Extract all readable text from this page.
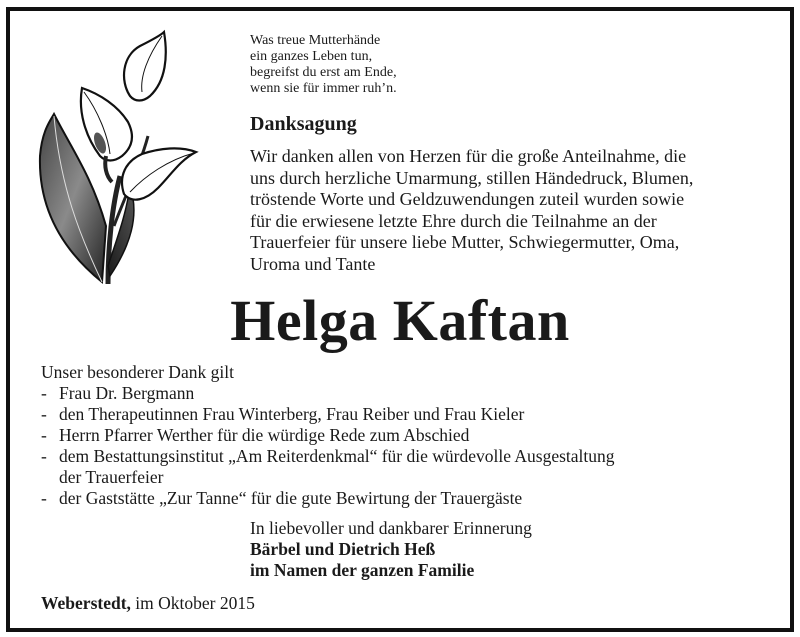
Was treue Mutterhände
ein ganzes Leben tun,
begreifst du erst am Ende,
wenn sie für immer ruh’n.
Danksagung
Wir danken allen von Herzen für die große Anteilnahme, die
uns durch herzliche Umarmung, stillen Händedruck, Blumen,
tröstende Worte und Geldzuwendungen zuteil wurden sowie
für die erwiesene letzte Ehre durch die Teilnahme an der
Trauerfeier für unsere liebe Mutter, Schwiegermutter, Oma,
Uroma und Tante
Helga Kaftan
Unser besonderer Dank gilt
- Frau Dr. Bergmann
- den Therapeutinnen Frau Winterberg, Frau Reiber und Frau Kieler
- Herrn Pfarrer Werther für die würdige Rede zum Abschied
- dem Bestattungsinstitut „Am Reiterdenkmal“ für die würdevolle Ausgestaltung
der Trauerfeier
- der Gaststätte „Zur Tanne“ für die gute Bewirtung der Trauergäste
In liebevoller und dankbarer Erinnerung
Bärbel und Dietrich Heß
im Namen der ganzen Familie
Weberstedt, im Oktober 2015
